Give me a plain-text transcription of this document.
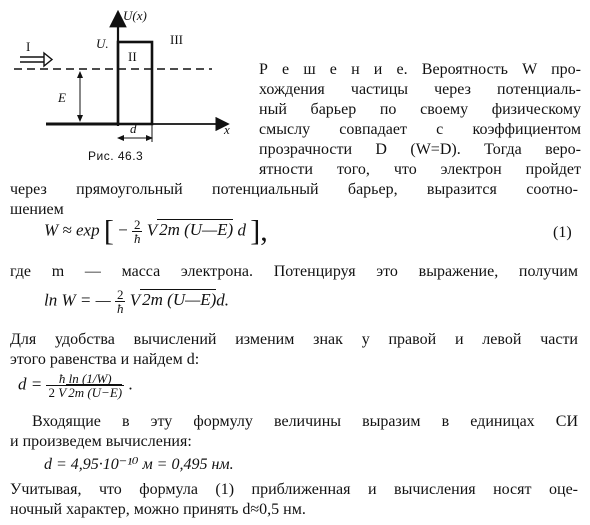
U(x)
x
U.
I
II
III
E
d
Рис. 46.3
Р е ш е н и е. Вероятность W про-
хождения частицы через потенциаль-
ный барьер по своему физическому
смыслу совпадает с коэффициентом
прозрачности D (W=D). Тогда веро-
ятности того, что электрон пройдет
через прямоугольный потенциальный барьер, выразится соотно-
шением
W ≈ exp [ − $\frac{2}{ħ}$ V 2m (U—E) d ],	(1)
где m — масса электрона. Потенцируя это выражение, получим
ln W = — $\frac{2}{ħ}$ V 2m (U—E)d.
Для удобства вычислений изменим знак у правой и левой части
этого равенства и найдем d:
$d = \frac{\text{ħ ln (1/W)}}{2 V 2m (U-E)}$ .
Входящие в эту формулу величины выразим в единицах СИ
и произведем вычисления:
d = 4,95·10⁻¹⁰ м = 0,495 нм.
Учитывая, что формула (1) приближенная и вычисления носят оце-
ночный характер, можно принять d≈0,5 нм.
